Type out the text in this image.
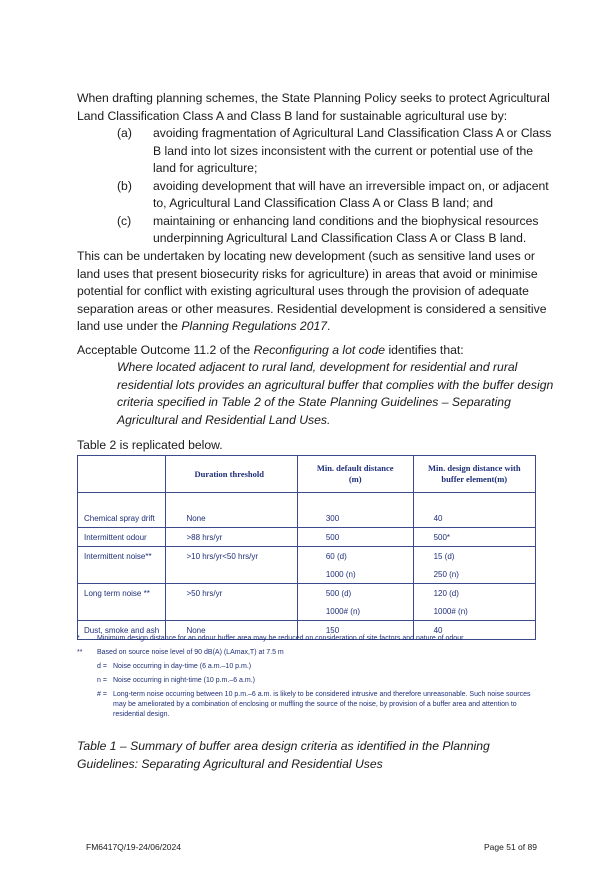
When drafting planning schemes, the State Planning Policy seeks to protect Agricultural Land Classification Class A and Class B land for sustainable agricultural use by:
(a)	avoiding fragmentation of Agricultural Land Classification Class A or Class B land into lot sizes inconsistent with the current or potential use of the land for agriculture;
(b)	avoiding development that will have an irreversible impact on, or adjacent to, Agricultural Land Classification Class A or Class B land; and
(c)	maintaining or enhancing land conditions and the biophysical resources underpinning Agricultural Land Classification Class A or Class B land.
This can be undertaken by locating new development (such as sensitive land uses or land uses that present biosecurity risks for agriculture) in areas that avoid or minimise potential for conflict with existing agricultural uses through the provision of adequate separation areas or other measures. Residential development is considered a sensitive land use under the Planning Regulations 2017.
Acceptable Outcome 11.2 of the Reconfiguring a lot code identifies that:
Where located adjacent to rural land, development for residential and rural residential lots provides an agricultural buffer that complies with the buffer design criteria specified in Table 2 of the State Planning Guidelines – Separating Agricultural and Residential Land Uses.
Table 2 is replicated below.
	Duration threshold	Min. default distance (m)	Min. design distance with buffer element(m)

Chemical spray drift	None	300	40
Intermittent odour	>88 hrs/yr	500	500*
Intermittent noise**	>10 hrs/yr<50 hrs/yr	60 (d)	15 (d)
		1000 (n)	250 (n)
Long term noise **	>50 hrs/yr	500 (d)	120 (d)
		1000# (n)	1000# (n)
Dust, smoke and ash	None	150	40
*	Minimum design distance for an odour buffer area may be reduced on consideration of site factors and nature of odour
**	Based on source noise level of 90 dB(A) (LAmax,T) at 7.5 m
d = Noise occurring in day-time (6 a.m.–10 p.m.)
n = Noise occurring in night-time (10 p.m.–6 a.m.)
# = Long-term noise occurring between 10 p.m.–6 a.m. is likely to be considered intrusive and therefore unreasonable. Such noise sources may be ameliorated by a combination of enclosing or muffling the source of the noise, by provision of a buffer area and attention to residential design.
Table 1 – Summary of buffer area design criteria as identified in the Planning Guidelines: Separating Agricultural and Residential Uses
FM6417Q/19-24/06/2024	Page 51 of 89
